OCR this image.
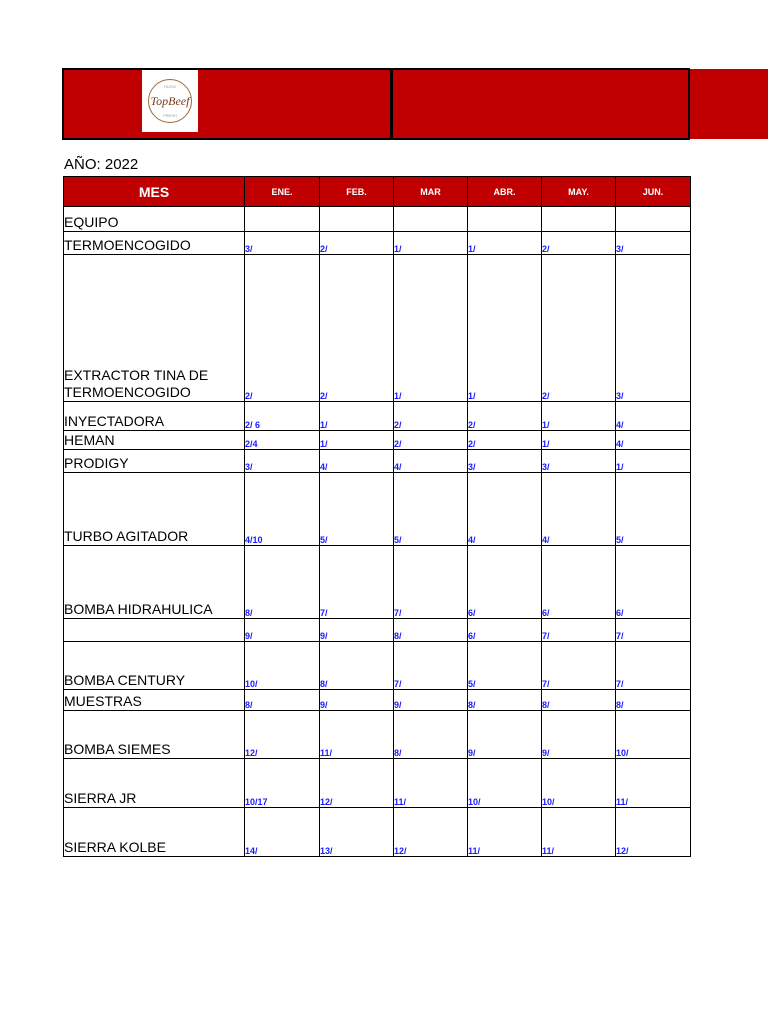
HUGO
TopBeef
FRESH
AÑO: 2022
MES	ENE.	FEB.	MAR	ABR.	MAY.	JUN.
EQUIPO						
TERMOENCOGIDO	3/	2/	1/	1/	2/	3/
EXTRACTOR TINA DE TERMOENCOGIDO	2/	2/	1/	1/	2/	3/
INYECTADORA	2/ 6	1/	2/	2/	1/	4/
HEMAN	2/4	1/	2/	2/	1/	4/
PRODIGY	3/	4/	4/	3/	3/	1/
TURBO AGITADOR	4/10	5/	5/	4/	4/	5/
BOMBA HIDRAHULICA	8/	7/	7/	6/	6/	6/
	9/	9/	8/	6/	7/	7/
BOMBA CENTURY	10/	8/	7/	5/	7/	7/
MUESTRAS	8/	9/	9/	8/	8/	8/
BOMBA SIEMES	12/	11/	8/	9/	9/	10/
SIERRA JR	10/17	12/	11/	10/	10/	11/
SIERRA KOLBE	14/	13/	12/	11/	11/	12/
